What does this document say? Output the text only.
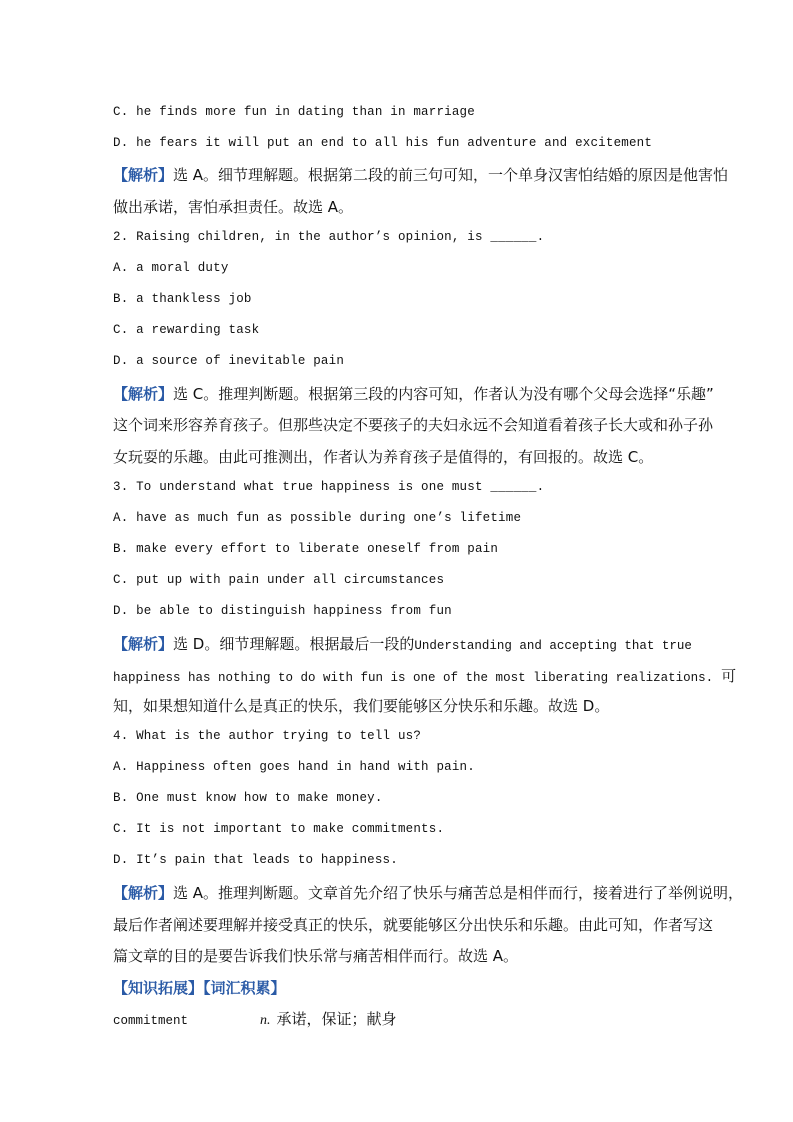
C. he finds more fun in dating than in marriage
D. he fears it will put an end to all his fun adventure and excitement
【解析】选 A。细节理解题。根据第二段的前三句可知，一个单身汉害怕结婚的原因是他害怕
做出承诺，害怕承担责任。故选 A。
2. Raising children, in the author’s opinion, is ______.
A. a moral duty
B. a thankless job
C. a rewarding task
D. a source of inevitable pain
【解析】选 C。推理判断题。根据第三段的内容可知，作者认为没有哪个父母会选择“乐趣”
这个词来形容养育孩子。但那些决定不要孩子的夫妇永远不会知道看着孩子长大或和孙子孙
女玩耍的乐趣。由此可推测出，作者认为养育孩子是值得的，有回报的。故选 C。
3. To understand what true happiness is one must ______.
A. have as much fun as possible during one’s lifetime
B. make every effort to liberate oneself from pain
C. put up with pain under all circumstances
D. be able to distinguish happiness from fun
【解析】选 D。细节理解题。根据最后一段的Understanding and accepting that true
happiness has nothing to do with fun is one of the most liberating realizations. 可
知，如果想知道什么是真正的快乐，我们要能够区分快乐和乐趣。故选 D。
4. What is the author trying to tell us?
A. Happiness often goes hand in hand with pain.
B. One must know how to make money.
C. It is not important to make commitments.
D. It’s pain that leads to happiness.
【解析】选 A。推理判断题。文章首先介绍了快乐与痛苦总是相伴而行，接着进行了举例说明，
最后作者阐述要理解并接受真正的快乐，就要能够区分出快乐和乐趣。由此可知，作者写这
篇文章的目的是要告诉我们快乐常与痛苦相伴而行。故选 A。
【知识拓展】【词汇积累】
commitment	n. 承诺，保证；献身
